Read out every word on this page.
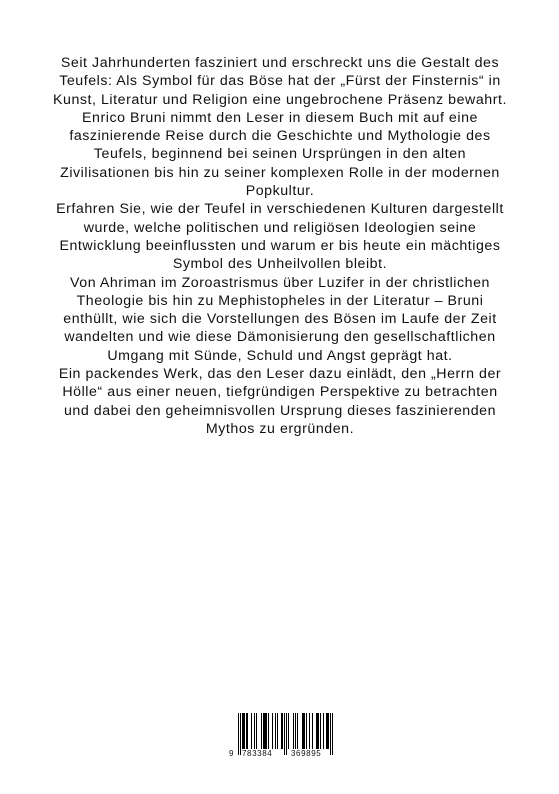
Seit Jahrhunderten fasziniert und erschreckt uns die Gestalt des Teufels: Als Symbol für das Böse hat der „Fürst der Finsternis“ in Kunst, Literatur und Religion eine ungebrochene Präsenz bewahrt. Enrico Bruni nimmt den Leser in diesem Buch mit auf eine faszinierende Reise durch die Geschichte und Mythologie des Teufels, beginnend bei seinen Ursprüngen in den alten Zivilisationen bis hin zu seiner komplexen Rolle in der modernen Popkultur.

Erfahren Sie, wie der Teufel in verschiedenen Kulturen dargestellt wurde, welche politischen und religiösen Ideologien seine Entwicklung beeinflussten und warum er bis heute ein mächtiges Symbol des Unheilvollen bleibt.

Von Ahriman im Zoroastrismus über Luzifer in der christlichen Theologie bis hin zu Mephistopheles in der Literatur – Bruni enthüllt, wie sich die Vorstellungen des Bösen im Laufe der Zeit wandelten und wie diese Dämonisierung den gesellschaftlichen Umgang mit Sünde, Schuld und Angst geprägt hat.

Ein packendes Werk, das den Leser dazu einlädt, den „Herrn der Hölle“ aus einer neuen, tiefgründigen Perspektive zu betrachten und dabei den geheimnisvollen Ursprung dieses faszinierenden Mythos zu ergründen.

9 783384 369895
